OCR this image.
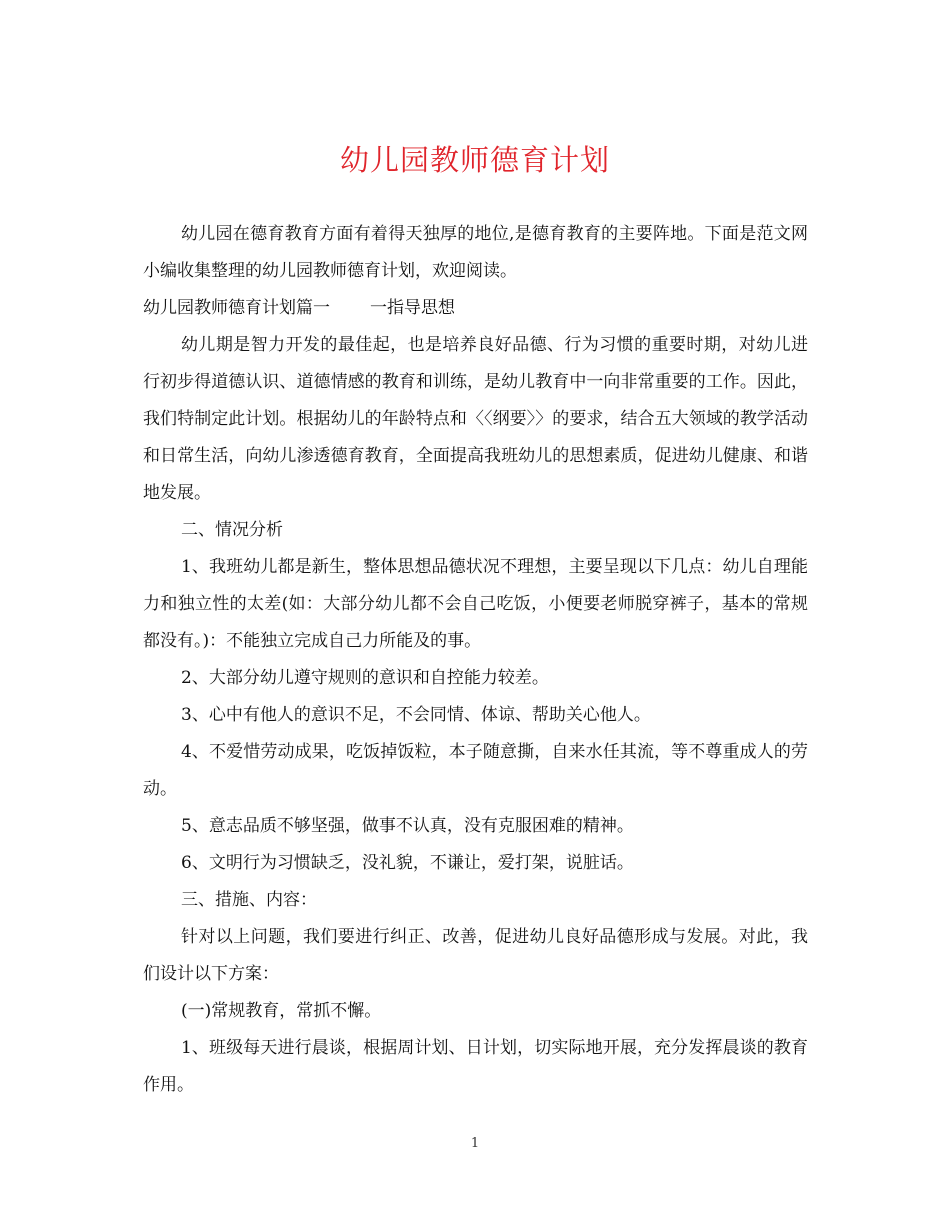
幼儿园教师德育计划

幼儿园在德育教育方面有着得天独厚的地位,是德育教育的主要阵地。下面是范文网小编收集整理的幼儿园教师德育计划，欢迎阅读。

幼儿园教师德育计划篇一 一指导思想

幼儿期是智力开发的最佳起，也是培养良好品德、行为习惯的重要时期，对幼儿进行初步得道德认识、道德情感的教育和训练，是幼儿教育中一向非常重要的工作。因此，我们特制定此计划。根据幼儿的年龄特点和〈〈纲要〉〉的要求，结合五大领域的教学活动和日常生活，向幼儿渗透德育教育，全面提高我班幼儿的思想素质，促进幼儿健康、和谐地发展。

二、情况分析

1、我班幼儿都是新生，整体思想品德状况不理想，主要呈现以下几点：幼儿自理能力和独立性的太差(如：大部分幼儿都不会自己吃饭，小便要老师脱穿裤子，基本的常规都没有。)：不能独立完成自己力所能及的事。

2、大部分幼儿遵守规则的意识和自控能力较差。

3、心中有他人的意识不足，不会同情、体谅、帮助关心他人。

4、不爱惜劳动成果，吃饭掉饭粒，本子随意撕，自来水任其流，等不尊重成人的劳动。

5、意志品质不够坚强，做事不认真，没有克服困难的精神。

6、文明行为习惯缺乏，没礼貌，不谦让，爱打架，说脏话。

三、措施、内容：

针对以上问题，我们要进行纠正、改善，促进幼儿良好品德形成与发展。对此，我们设计以下方案：

(一)常规教育，常抓不懈。

1、班级每天进行晨谈，根据周计划、日计划，切实际地开展，充分发挥晨谈的教育作用。

1
